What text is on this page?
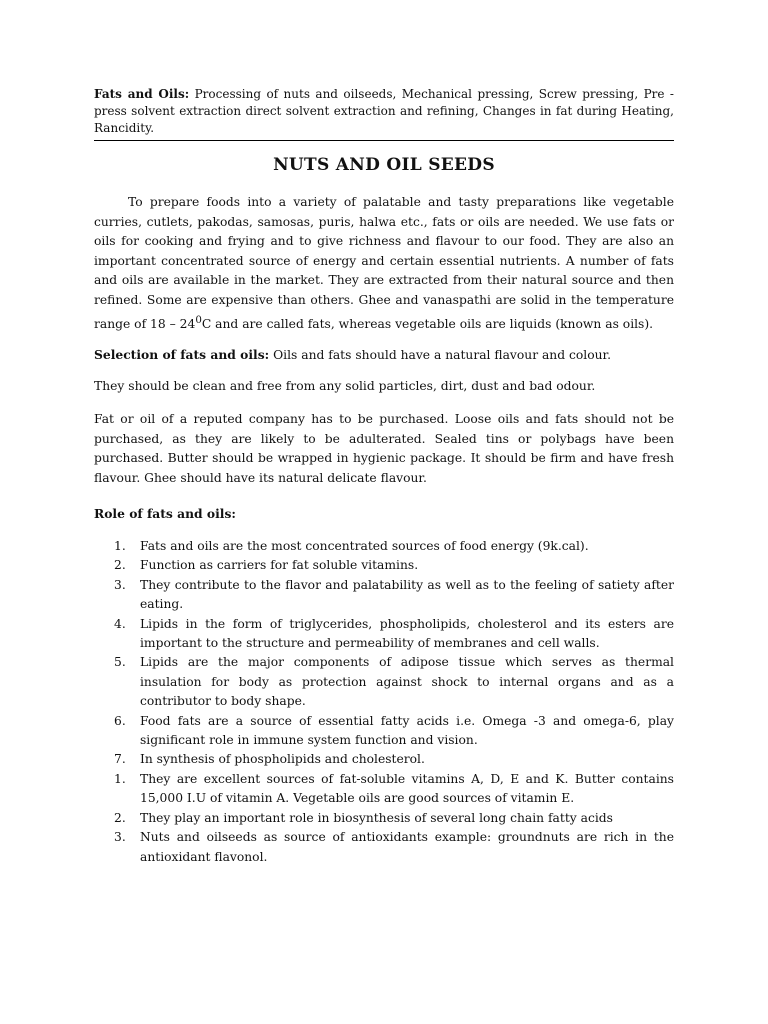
Fats and Oils: Processing of nuts and oilseeds, Mechanical pressing, Screw pressing, Pre - press solvent extraction direct solvent extraction and refining, Changes in fat during Heating, Rancidity.
NUTS AND OIL SEEDS

To prepare foods into a variety of palatable and tasty preparations like vegetable curries, cutlets, pakodas, samosas, puris, halwa etc., fats or oils are needed. We use fats or oils for cooking and frying and to give richness and flavour to our food. They are also an important concentrated source of energy and certain essential nutrients. A number of fats and oils are available in the market. They are extracted from their natural source and then refined. Some are expensive than others. Ghee and vanaspathi are solid in the temperature range of $18 - 24^0C$ and are called fats, whereas vegetable oils are liquids (known as oils).

Selection of fats and oils: Oils and fats should have a natural flavour and colour.

They should be clean and free from any solid particles, dirt, dust and bad odour.

Fat or oil of a reputed company has to be purchased. Loose oils and fats should not be purchased, as they are likely to be adulterated. Sealed tins or polybags have been purchased. Butter should be wrapped in hygienic package. It should be firm and have fresh flavour. Ghee should have its natural delicate flavour.

Role of fats and oils:

1. Fats and oils are the most concentrated sources of food energy (9k.cal).
2. Function as carriers for fat soluble vitamins.
3. They contribute to the flavor and palatability as well as to the feeling of satiety after eating.
4. Lipids in the form of triglycerides, phospholipids, cholesterol and its esters are important to the structure and permeability of membranes and cell walls.
5. Lipids are the major components of adipose tissue which serves as thermal insulation for body as protection against shock to internal organs and as a contributor to body shape.
6. Food fats are a source of essential fatty acids i.e. Omega -3 and omega-6, play significant role in immune system function and vision.
7. In synthesis of phospholipids and cholesterol.
1. They are excellent sources of fat-soluble vitamins A, D, E and K. Butter contains 15,000 I.U of vitamin A. Vegetable oils are good sources of vitamin E.
2. They play an important role in biosynthesis of several long chain fatty acids
3. Nuts and oilseeds as source of antioxidants example: groundnuts are rich in the antioxidant flavonol.
